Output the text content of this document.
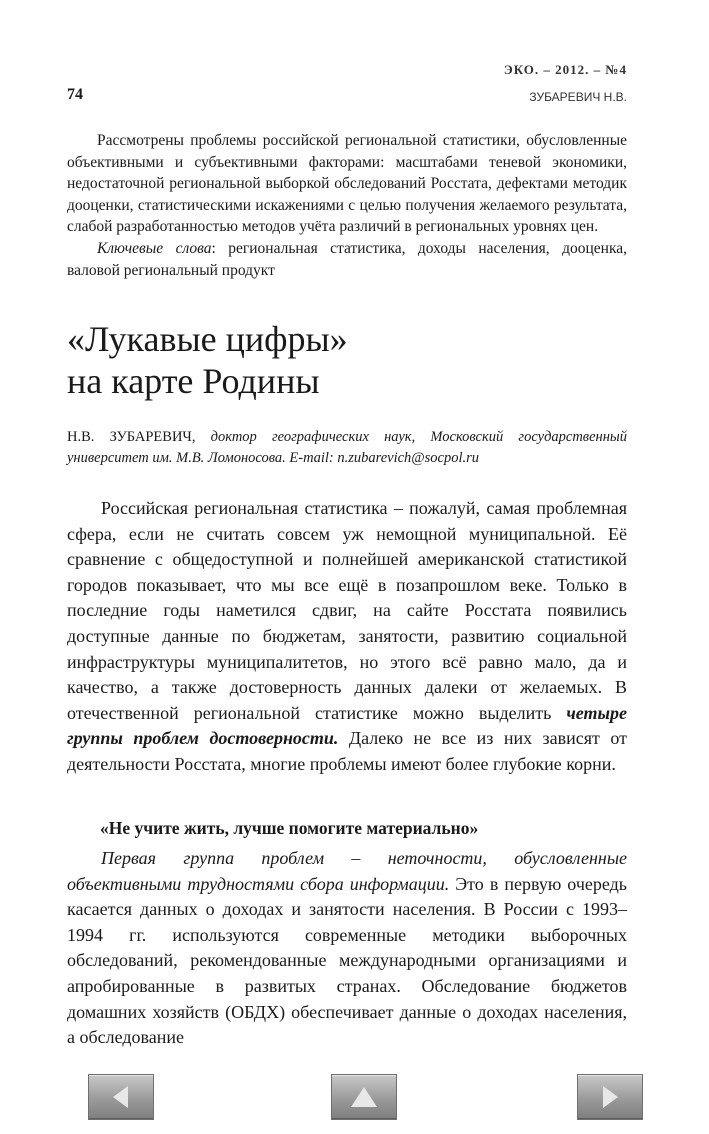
ЭКО. – 2012. – №4
74	ЗУБАРЕВИЧ Н.В.

Рассмотрены проблемы российской региональной статистики, обусловленные объективными и субъективными факторами: масштабами теневой экономики, недостаточной региональной выборкой обследований Росстата, дефектами методик дооценки, статистическими искажениями с целью получения желаемого результата, слабой разработанностью методов учёта различий в региональных уровнях цен.

Ключевые слова: региональная статистика, доходы населения, дооценка, валовой региональный продукт

«Лукавые цифры»
на карте Родины
Н.В. ЗУБАРЕВИЧ, доктор географических наук, Московский государственный университет им. М.В. Ломоносова. E-mail: n.zubarevich@socpol.ru

Российская региональная статистика – пожалуй, самая проблемная сфера, если не считать совсем уж немощной муниципальной. Её сравнение с общедоступной и полнейшей американской статистикой городов показывает, что мы все ещё в позапрошлом веке. Только в последние годы наметился сдвиг, на сайте Росстата появились доступные данные по бюджетам, занятости, развитию социальной инфраструктуры муниципалитетов, но этого всё равно мало, да и качество, а также достоверность данных далеки от желаемых. В отечественной региональной статистике можно выделить четыре группы проблем достоверности. Далеко не все из них зависят от деятельности Росстата, многие проблемы имеют более глубокие корни.

«Не учите жить, лучше помогите материально»

Первая группа проблем – неточности, обусловленные объективными трудностями сбора информации. Это в первую очередь касается данных о доходах и занятости населения. В России с 1993–1994 гг. используются современные методики выборочных обследований, рекомендованные международными организациями и апробированные в развитых странах. Обследование бюджетов домашних хозяйств (ОБДХ) обеспечивает данные о доходах населения, а обследование
